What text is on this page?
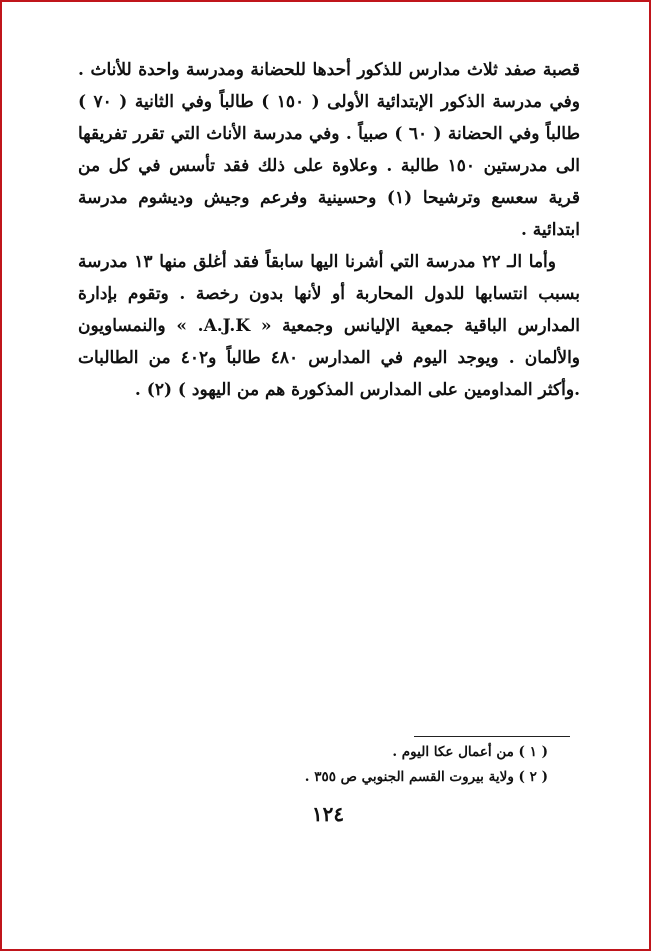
قصبة صفد ثلاث مدارس للذكور أحدها للحضانة ومدرسة واحدة للأناث . وفي مدرسة الذكور الإبتدائية الأولى ( ١٥٠ ) طالباً وفي الثانية ( ٧٠ ) طالباً وفي الحضانة ( ٦٠ ) صبياً . وفي مدرسة الأناث التي تقرر تفريقها الى مدرستين ١٥٠ طالبة . وعلاوة على ذلك فقد تأسس في كل من قرية سعسع وترشيحا (١) وحسينية وفرعم وجيش وديشوم مدرسة ابتدائية .

وأما الـ ٢٢ مدرسة التي أشرنا اليها سابقاً فقد أغلق منها ١٣ مدرسة بسبب انتسابها للدول المحاربة أو لأنها بدون رخصة . وتقوم بإدارة المدارس الباقية جمعية الإليانس وجمعية « A.J.K. » والنمساويون والألمان . ويوجد اليوم في المدارس ٤٨٠ طالباً و٤٠٢ من الطالبات .وأكثر المداومين على المدارس المذكورة هم من اليهود ) (٢) .

( ١ ) من أعمال عكا اليوم .
( ٢ ) ولاية بيروت القسم الجنوبي ص ٣٥٥ .
١٢٤
